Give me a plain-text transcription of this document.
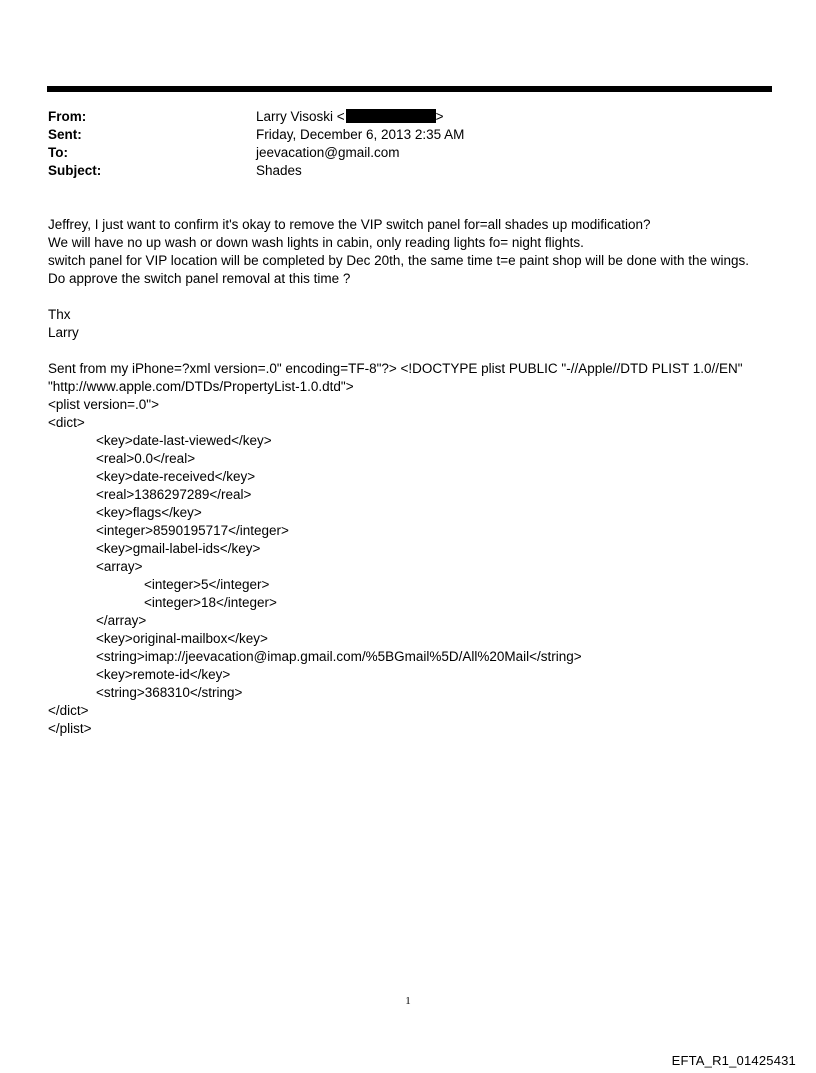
From:	Larry Visoski <	>
Sent:	Friday, December 6, 2013 2:35 AM
To:	jeevacation@gmail.com
Subject:	Shades
Jeffrey, I just want to confirm it's okay to remove the VIP switch panel for=all shades up modification?
We will have no up wash or down wash lights in cabin, only reading lights fo= night flights.
switch panel for VIP location will be completed by Dec 20th, the same time t=e paint shop will be done with the wings.
Do approve the switch panel removal at this time ?
Thx
Larry
Sent from my iPhone=?xml version=.0" encoding=TF-8"?> <!DOCTYPE plist PUBLIC "-//Apple//DTD PLIST 1.0//EN"
"http://www.apple.com/DTDs/PropertyList-1.0.dtd">
<plist version=.0">
<dict>
<key>date-last-viewed</key>
<real>0.0</real>
<key>date-received</key>
<real>1386297289</real>
<key>flags</key>
<integer>8590195717</integer>
<key>gmail-label-ids</key>
<array>
<integer>5</integer>
<integer>18</integer>
</array>
<key>original-mailbox</key>
<string>imap://jeevacation@imap.gmail.com/%5BGmail%5D/All%20Mail</string>
<key>remote-id</key>
<string>368310</string>
</dict>
</plist>
1
EFTA_R1_01425431
